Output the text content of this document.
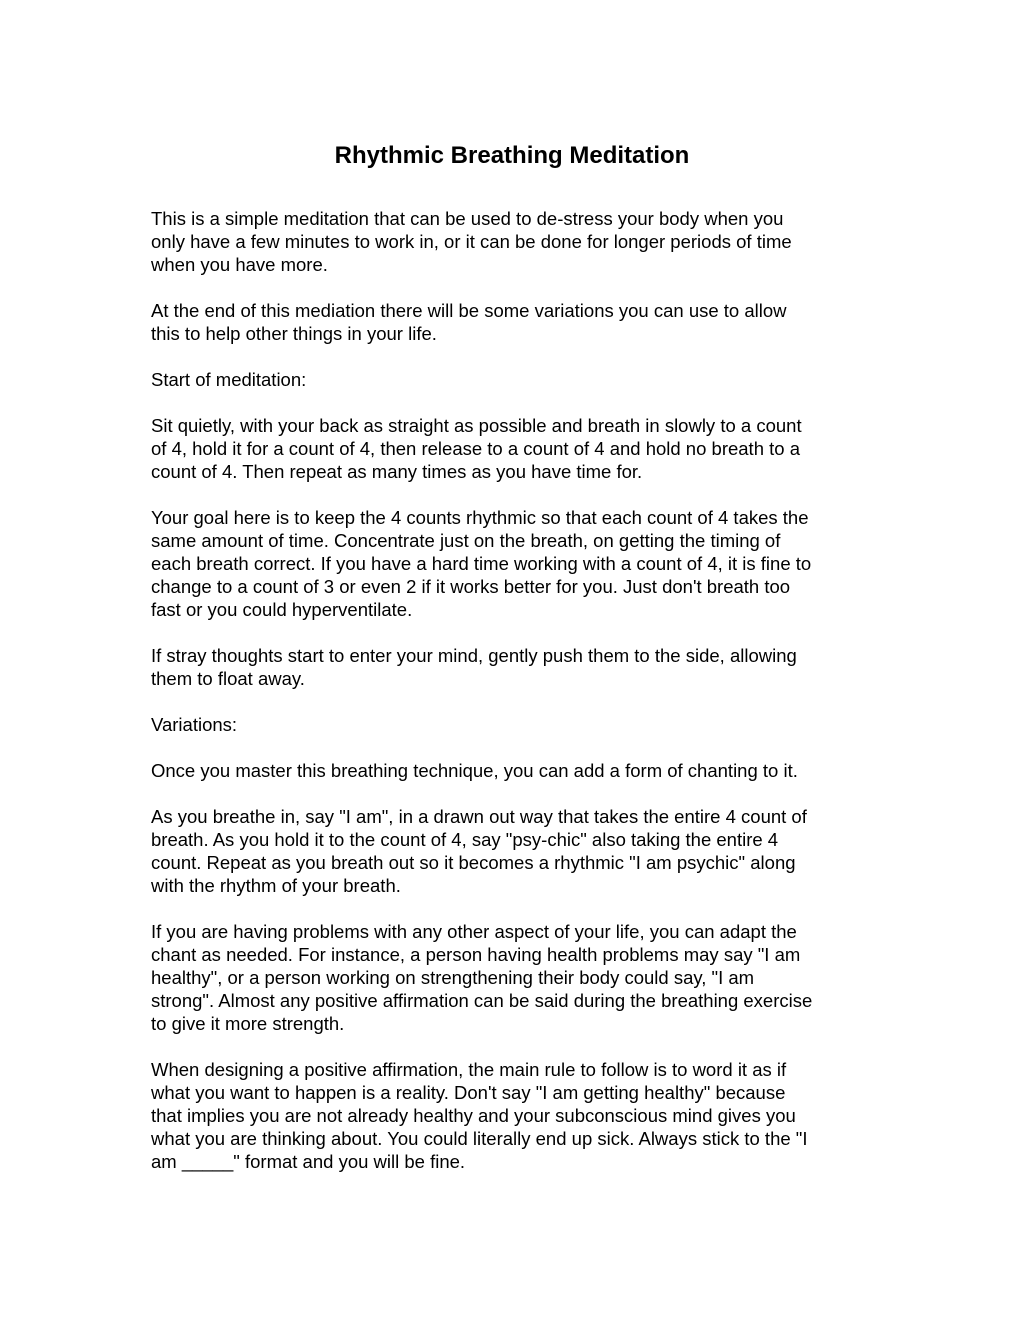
Rhythmic Breathing Meditation

This is a simple meditation that can be used to de-stress your body when you
only have a few minutes to work in, or it can be done for longer periods of time
when you have more.

At the end of this mediation there will be some variations you can use to allow
this to help other things in your life.

Start of meditation:

Sit quietly, with your back as straight as possible and breath in slowly to a count
of 4, hold it for a count of 4, then release to a count of 4 and hold no breath to a
count of 4. Then repeat as many times as you have time for.

Your goal here is to keep the 4 counts rhythmic so that each count of 4 takes the
same amount of time. Concentrate just on the breath, on getting the timing of
each breath correct. If you have a hard time working with a count of 4, it is fine to
change to a count of 3 or even 2 if it works better for you. Just don't breath too
fast or you could hyperventilate.

If stray thoughts start to enter your mind, gently push them to the side, allowing
them to float away.

Variations:

Once you master this breathing technique, you can add a form of chanting to it.

As you breathe in, say "I am", in a drawn out way that takes the entire 4 count of
breath. As you hold it to the count of 4, say "psy-chic" also taking the entire 4
count. Repeat as you breath out so it becomes a rhythmic "I am psychic" along
with the rhythm of your breath.

If you are having problems with any other aspect of your life, you can adapt the
chant as needed. For instance, a person having health problems may say "I am
healthy", or a person working on strengthening their body could say, "I am
strong". Almost any positive affirmation can be said during the breathing exercise
to give it more strength.

When designing a positive affirmation, the main rule to follow is to word it as if
what you want to happen is a reality. Don't say "I am getting healthy" because
that implies you are not already healthy and your subconscious mind gives you
what you are thinking about. You could literally end up sick. Always stick to the "I
am _____" format and you will be fine.
